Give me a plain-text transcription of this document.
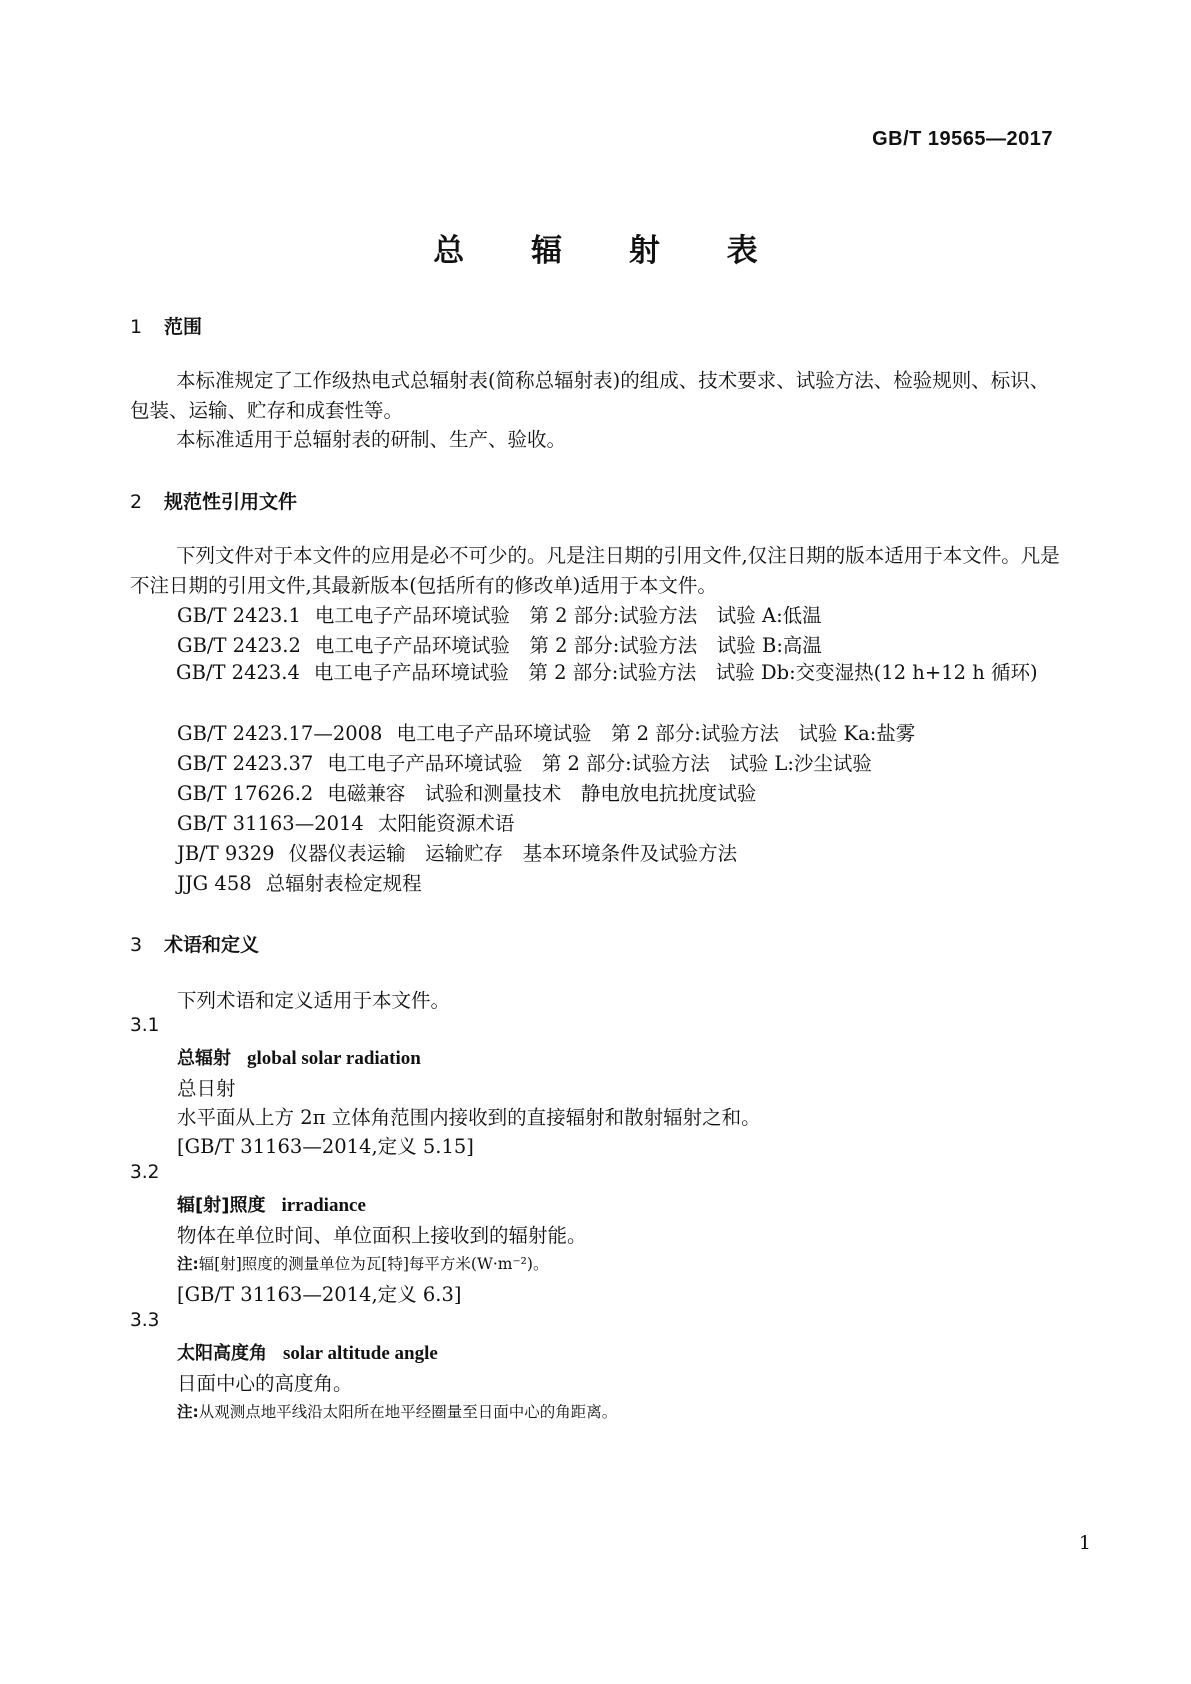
GB/T 19565—2017
总 辐 射 表
1 范围
本标准规定了工作级热电式总辐射表(简称总辐射表)的组成、技术要求、试验方法、检验规则、标识、包装、运输、贮存和成套性等。
本标准适用于总辐射表的研制、生产、验收。
2 规范性引用文件
下列文件对于本文件的应用是必不可少的。凡是注日期的引用文件,仅注日期的版本适用于本文件。凡是不注日期的引用文件,其最新版本(包括所有的修改单)适用于本文件。
GB/T 2423.1 电工电子产品环境试验　第 2 部分:试验方法　试验 A:低温
GB/T 2423.2 电工电子产品环境试验　第 2 部分:试验方法　试验 B:高温
GB/T 2423.4 电工电子产品环境试验　第 2 部分:试验方法　试验 Db:交变湿热(12 h+12 h 循环)
GB/T 2423.17—2008 电工电子产品环境试验　第 2 部分:试验方法　试验 Ka:盐雾
GB/T 2423.37 电工电子产品环境试验　第 2 部分:试验方法　试验 L:沙尘试验
GB/T 17626.2 电磁兼容　试验和测量技术　静电放电抗扰度试验
GB/T 31163—2014 太阳能资源术语
JB/T 9329 仪器仪表运输　运输贮存　基本环境条件及试验方法
JJG 458 总辐射表检定规程
3 术语和定义
下列术语和定义适用于本文件。
3.1
总辐射 global solar radiation
总日射
水平面从上方 2π 立体角范围内接收到的直接辐射和散射辐射之和。
[GB/T 31163—2014,定义 5.15]
3.2
辐[射]照度 irradiance
物体在单位时间、单位面积上接收到的辐射能。
注:辐[射]照度的测量单位为瓦[特]每平方米(W·m⁻²)。
[GB/T 31163—2014,定义 6.3]
3.3
太阳高度角 solar altitude angle
日面中心的高度角。
注:从观测点地平线沿太阳所在地平经圈量至日面中心的角距离。
1
